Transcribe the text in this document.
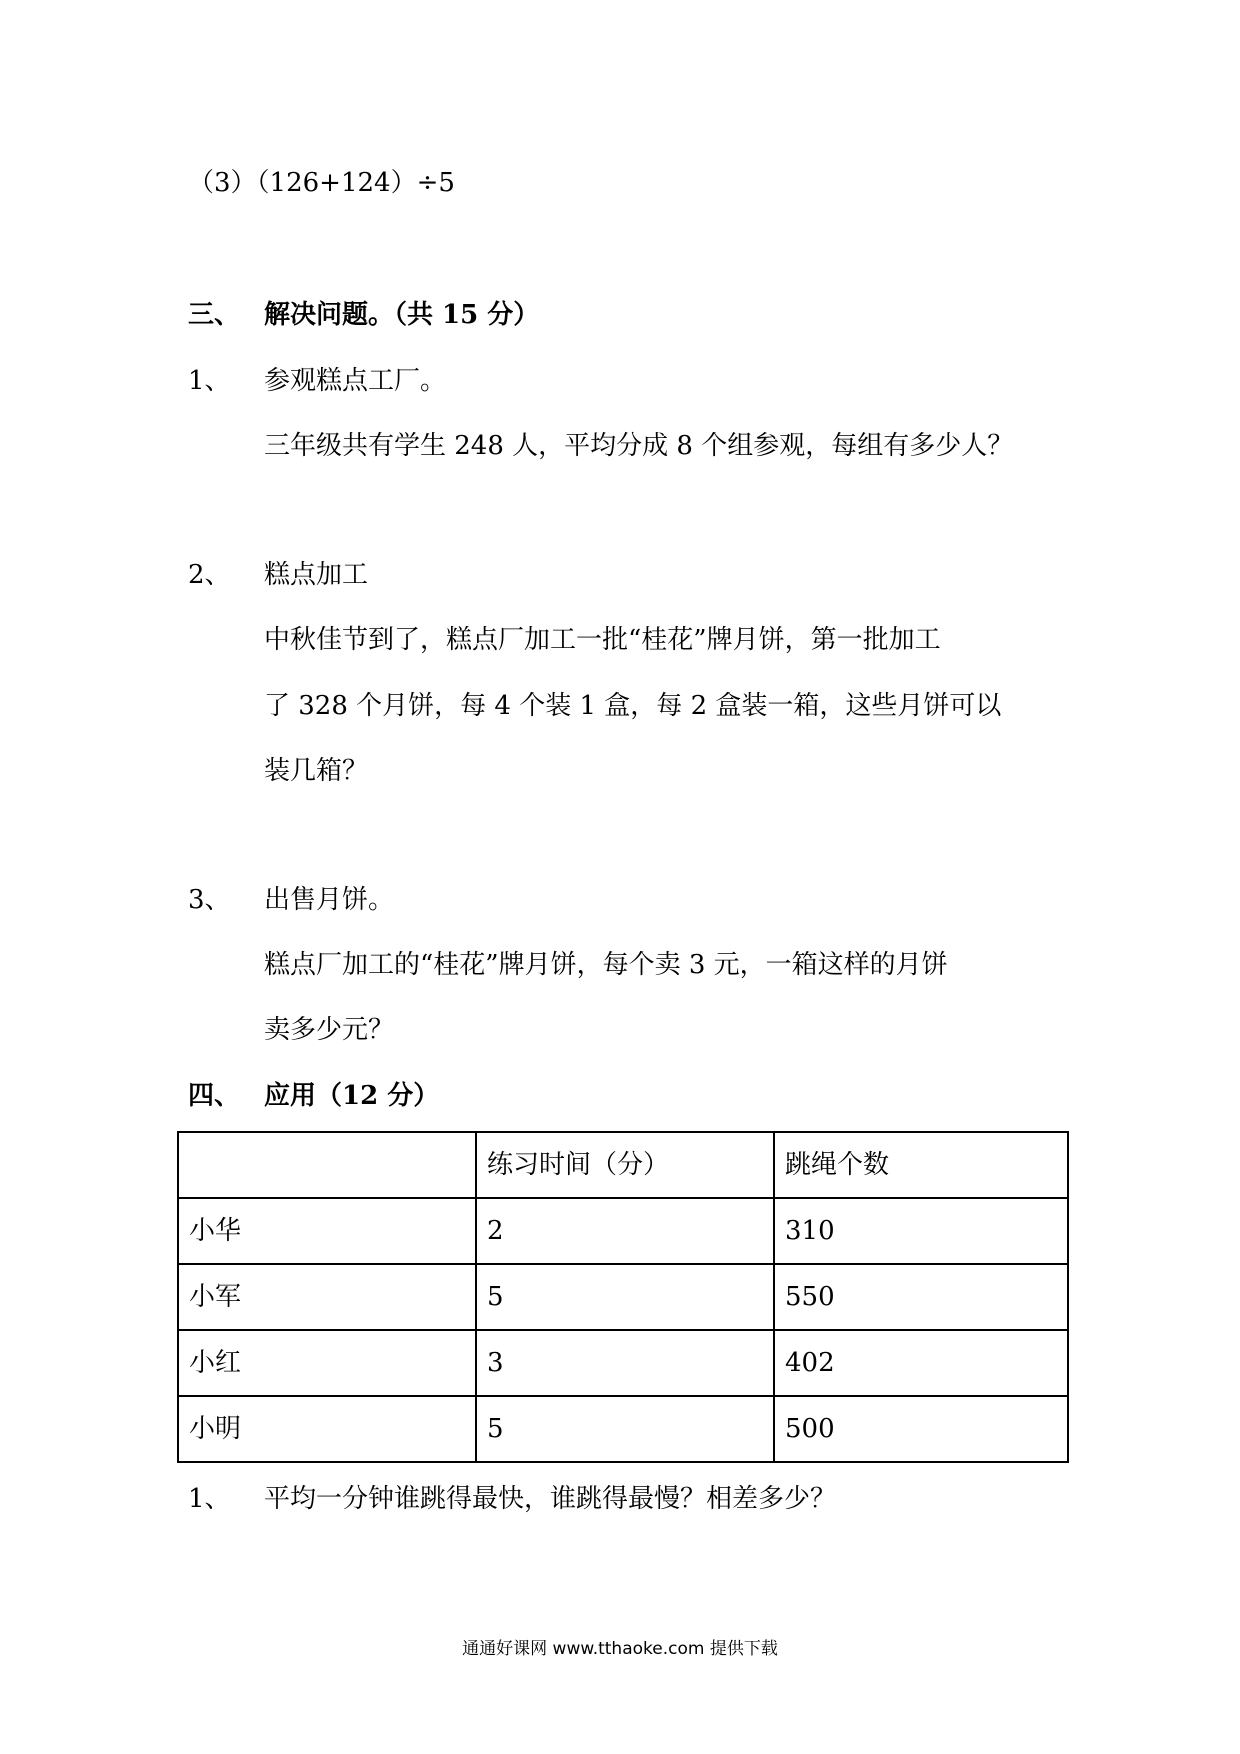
（3）（126+124）÷5
三、 解决问题。（共 15 分）
1、 参观糕点工厂。
三年级共有学生 248 人，平均分成 8 个组参观，每组有多少人？
2、 糕点加工
中秋佳节到了，糕点厂加工一批“桂花”牌月饼，第一批加工
了 328 个月饼，每 4 个装 1 盒，每 2 盒装一箱，这些月饼可以
装几箱？
3、 出售月饼。
糕点厂加工的“桂花”牌月饼，每个卖 3 元，一箱这样的月饼
卖多少元？
四、 应用（12 分）
	练习时间（分）	跳绳个数
小华	2	310
小军	5	550
小红	3	402
小明	5	500
1、 平均一分钟谁跳得最快，谁跳得最慢？相差多少？
通通好课网 www.tthaoke.com 提供下载
